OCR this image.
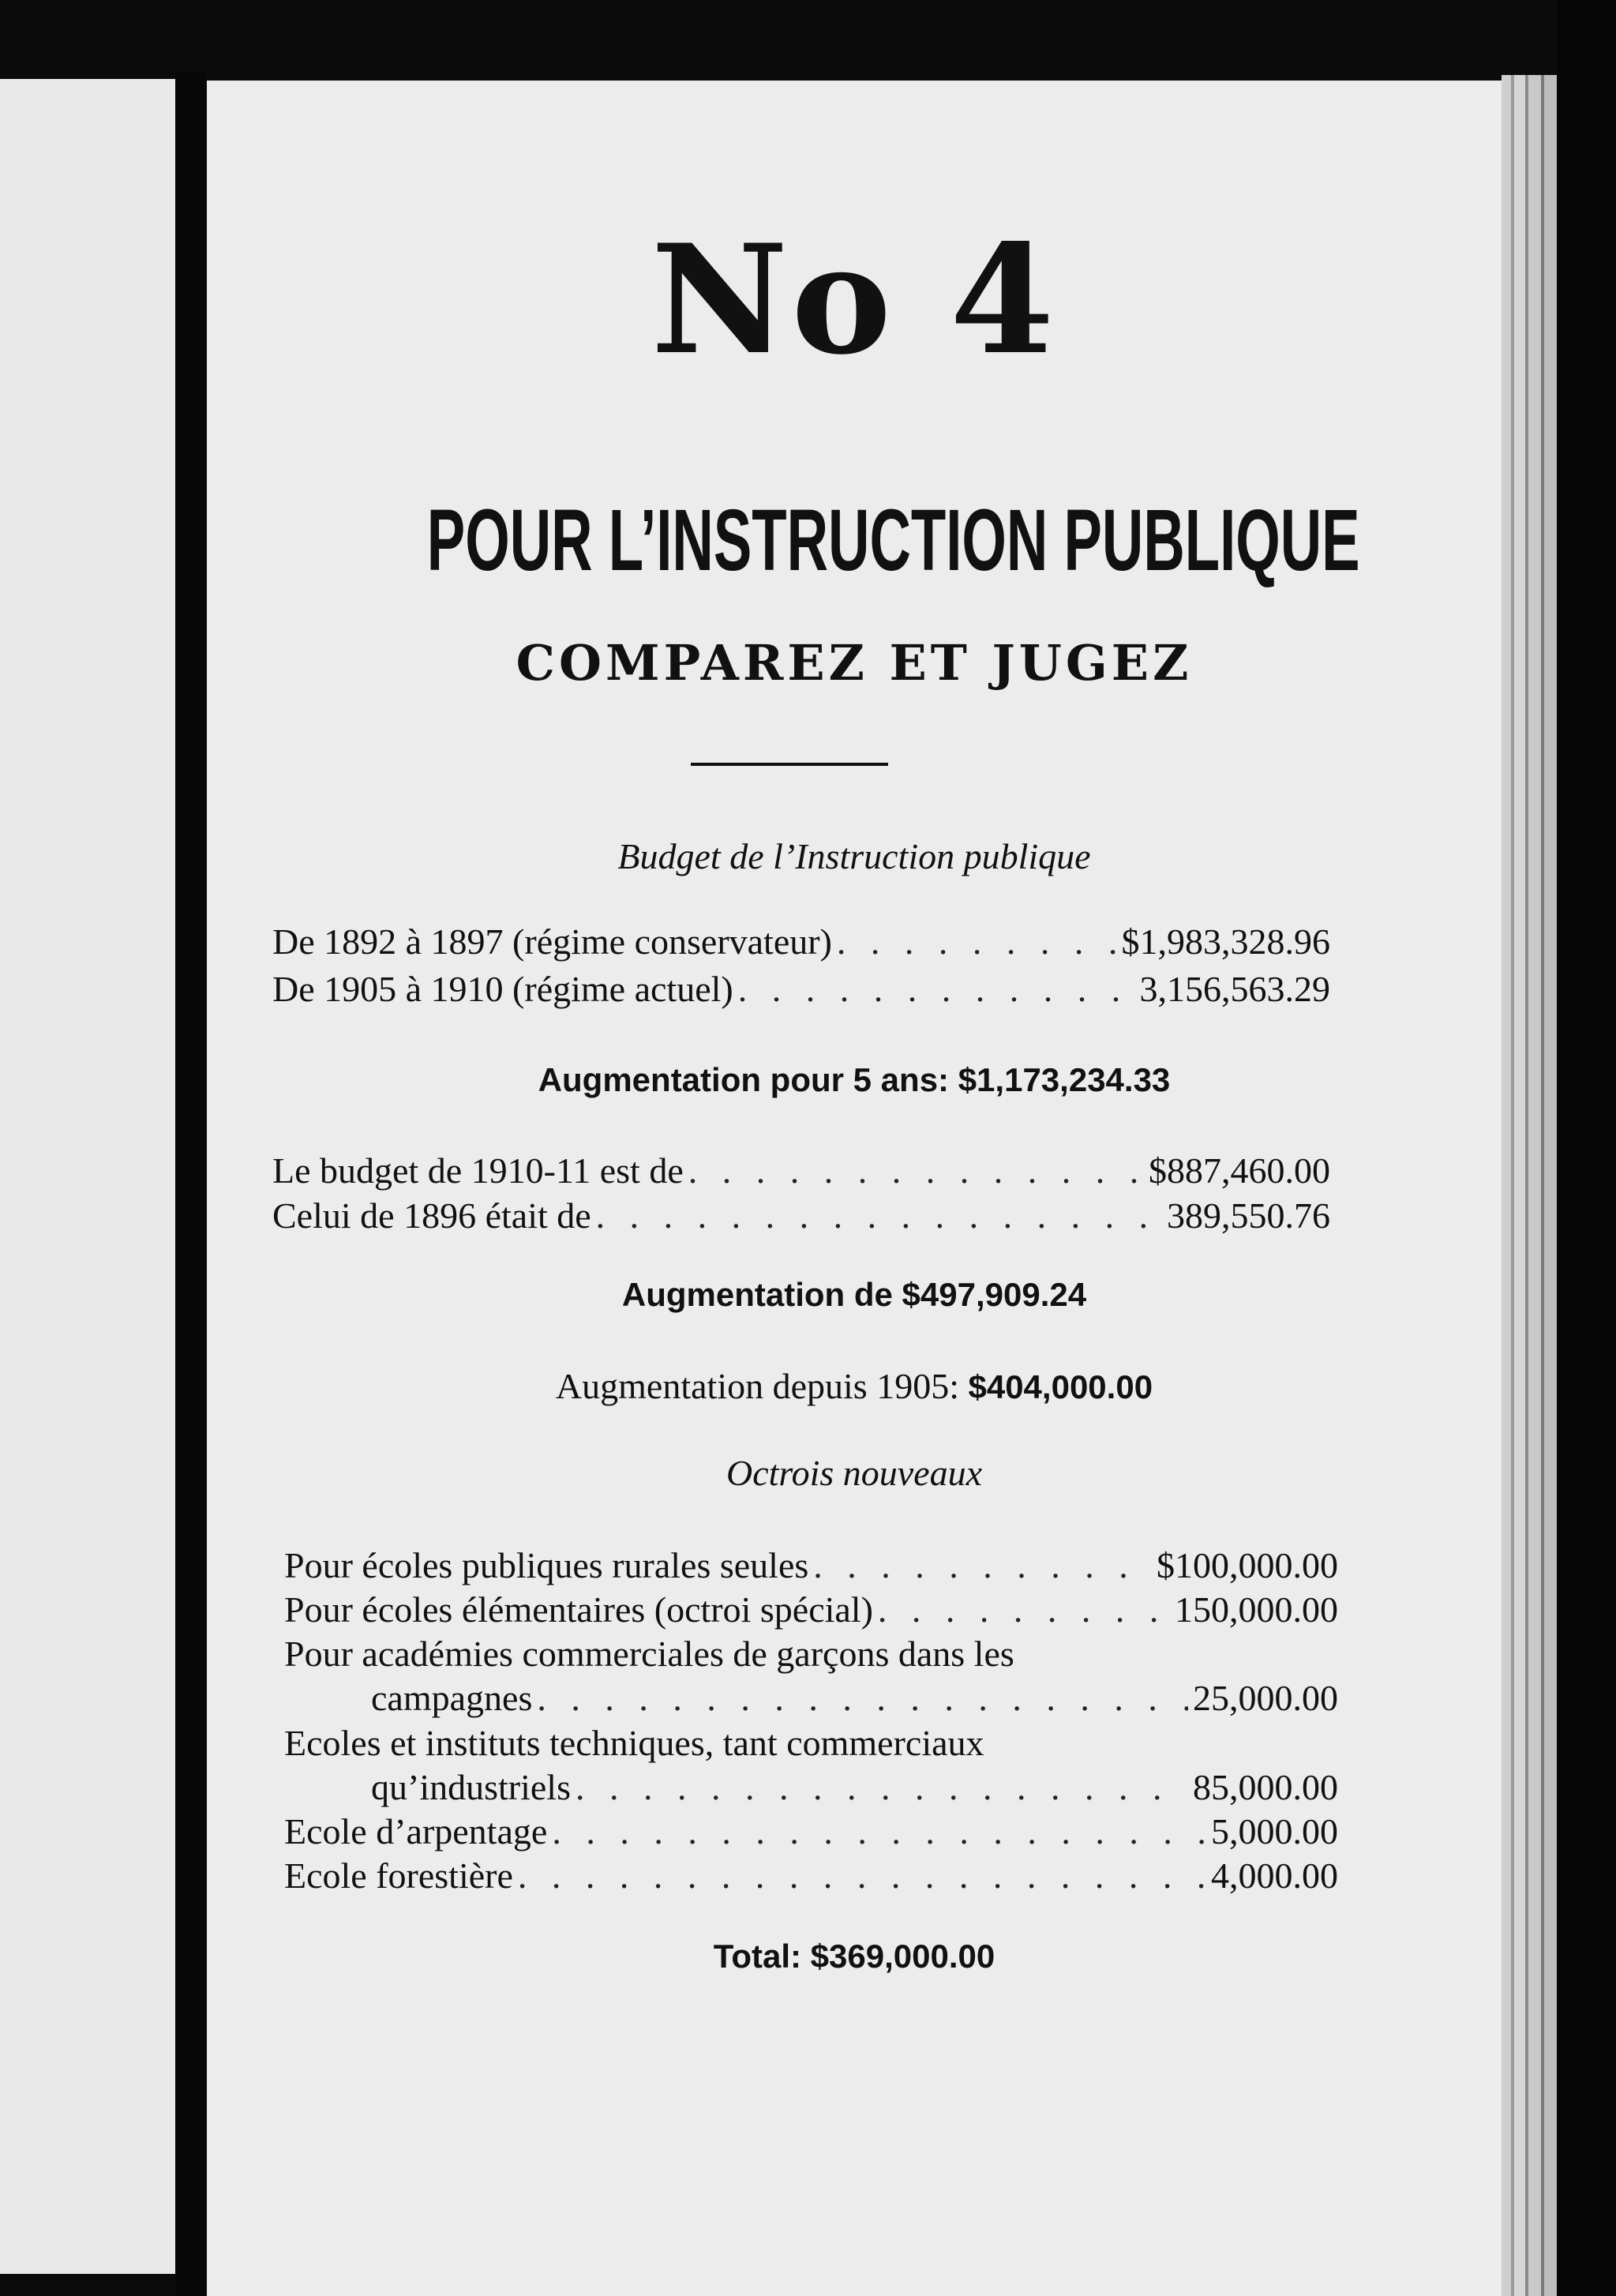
No 4
POUR L’INSTRUCTION PUBLIQUE
COMPAREZ ET JUGEZ
Budget de l’Instruction publique
De 1892 à 1897 (régime conservateur) . . .	$1,983,328.96
De 1905 à 1910 (régime actuel) . . .	3,156,563.29
Augmentation pour 5 ans: $1,173,234.33
Le budget de 1910-11 est de . . .	$887,460.00
Celui de 1896 était de . . .	389,550.76
Augmentation de $497,909.24
Augmentation depuis 1905: $404,000.00
Octrois nouveaux
Pour écoles publiques rurales seules . . .	$100,000.00
Pour écoles élémentaires (octroi spécial) . . .	150,000.00
Pour académies commerciales de garçons dans les
campagnes . . .	25,000.00
Ecoles et instituts techniques, tant commerciaux
qu’industriels . . .	85,000.00
Ecole d’arpentage . . .	5,000.00
Ecole forestière . . .	4,000.00
Total: $369,000.00
